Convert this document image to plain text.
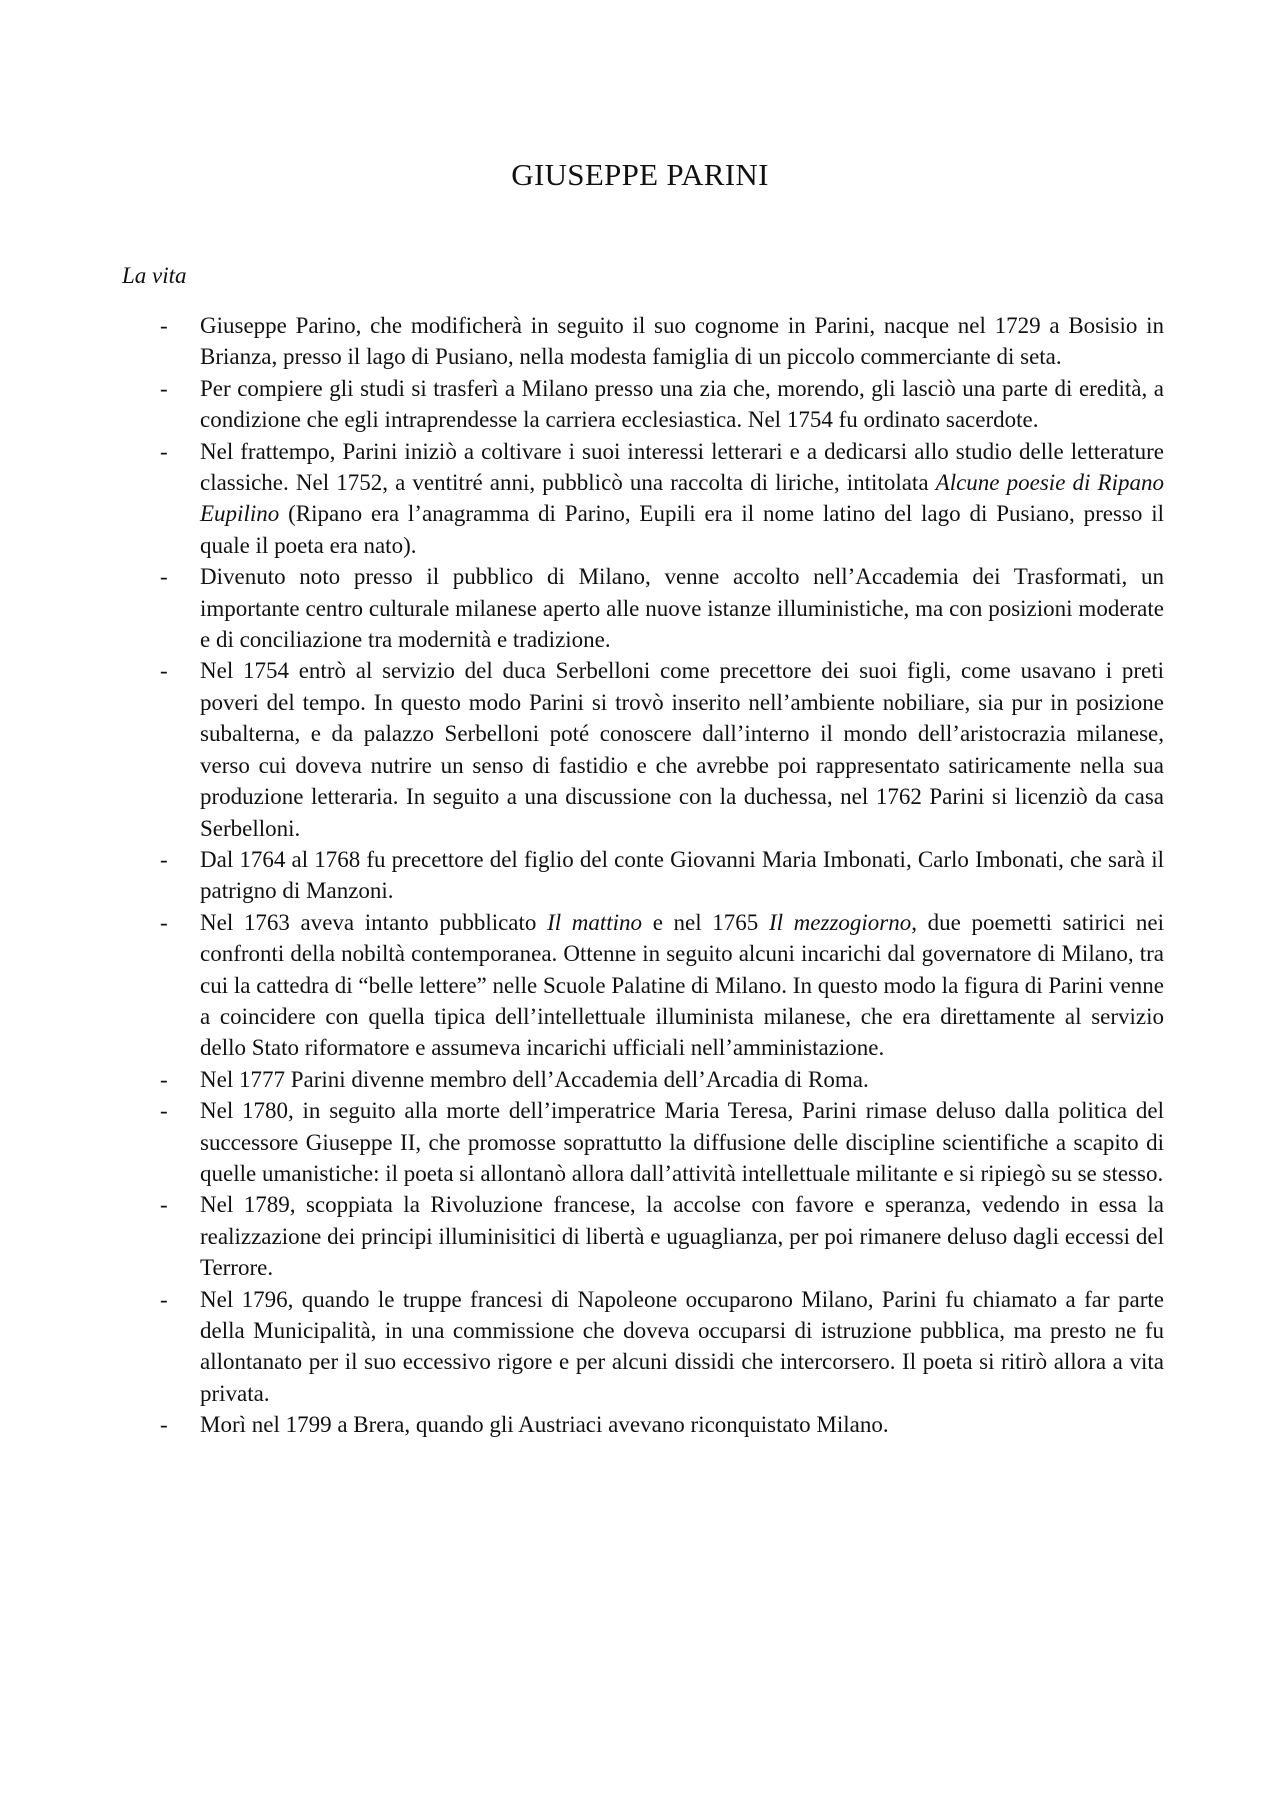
GIUSEPPE PARINI
La vita
- Giuseppe Parino, che modificherà in seguito il suo cognome in Parini, nacque nel 1729 a Bosisio in Brianza, presso il lago di Pusiano, nella modesta famiglia di un piccolo commerciante di seta.
- Per compiere gli studi si trasferì a Milano presso una zia che, morendo, gli lasciò una parte di eredità, a condizione che egli intraprendesse la carriera ecclesiastica. Nel 1754 fu ordinato sacerdote.
- Nel frattempo, Parini iniziò a coltivare i suoi interessi letterari e a dedicarsi allo studio delle letterature classiche. Nel 1752, a ventitré anni, pubblicò una raccolta di liriche, intitolata Alcune poesie di Ripano Eupilino (Ripano era l’anagramma di Parino, Eupili era il nome latino del lago di Pusiano, presso il quale il poeta era nato).
- Divenuto noto presso il pubblico di Milano, venne accolto nell’Accademia dei Trasformati, un importante centro culturale milanese aperto alle nuove istanze illuministiche, ma con posizioni moderate e di conciliazione tra modernità e tradizione.
- Nel 1754 entrò al servizio del duca Serbelloni come precettore dei suoi figli, come usavano i preti poveri del tempo. In questo modo Parini si trovò inserito nell’ambiente nobiliare, sia pur in posizione subalterna, e da palazzo Serbelloni poté conoscere dall’interno il mondo dell’aristocrazia milanese, verso cui doveva nutrire un senso di fastidio e che avrebbe poi rappresentato satiricamente nella sua produzione letteraria. In seguito a una discussione con la duchessa, nel 1762 Parini si licenziò da casa Serbelloni.
- Dal 1764 al 1768 fu precettore del figlio del conte Giovanni Maria Imbonati, Carlo Imbonati, che sarà il patrigno di Manzoni.
- Nel 1763 aveva intanto pubblicato Il mattino e nel 1765 Il mezzogiorno, due poemetti satirici nei confronti della nobiltà contemporanea. Ottenne in seguito alcuni incarichi dal governatore di Milano, tra cui la cattedra di “belle lettere” nelle Scuole Palatine di Milano. In questo modo la figura di Parini venne a coincidere con quella tipica dell’intellettuale illuminista milanese, che era direttamente al servizio dello Stato riformatore e assumeva incarichi ufficiali nell’amministazione.
- Nel 1777 Parini divenne membro dell’Accademia dell’Arcadia di Roma.
- Nel 1780, in seguito alla morte dell’imperatrice Maria Teresa, Parini rimase deluso dalla politica del successore Giuseppe II, che promosse soprattutto la diffusione delle discipline scientifiche a scapito di quelle umanistiche: il poeta si allontanò allora dall’attività intellettuale militante e si ripiegò su se stesso.
- Nel 1789, scoppiata la Rivoluzione francese, la accolse con favore e speranza, vedendo in essa la realizzazione dei principi illuminisitici di libertà e uguaglianza, per poi rimanere deluso dagli eccessi del Terrore.
- Nel 1796, quando le truppe francesi di Napoleone occuparono Milano, Parini fu chiamato a far parte della Municipalità, in una commissione che doveva occuparsi di istruzione pubblica, ma presto ne fu allontanato per il suo eccessivo rigore e per alcuni dissidi che intercorsero. Il poeta si ritirò allora a vita privata.
- Morì nel 1799 a Brera, quando gli Austriaci avevano riconquistato Milano.
